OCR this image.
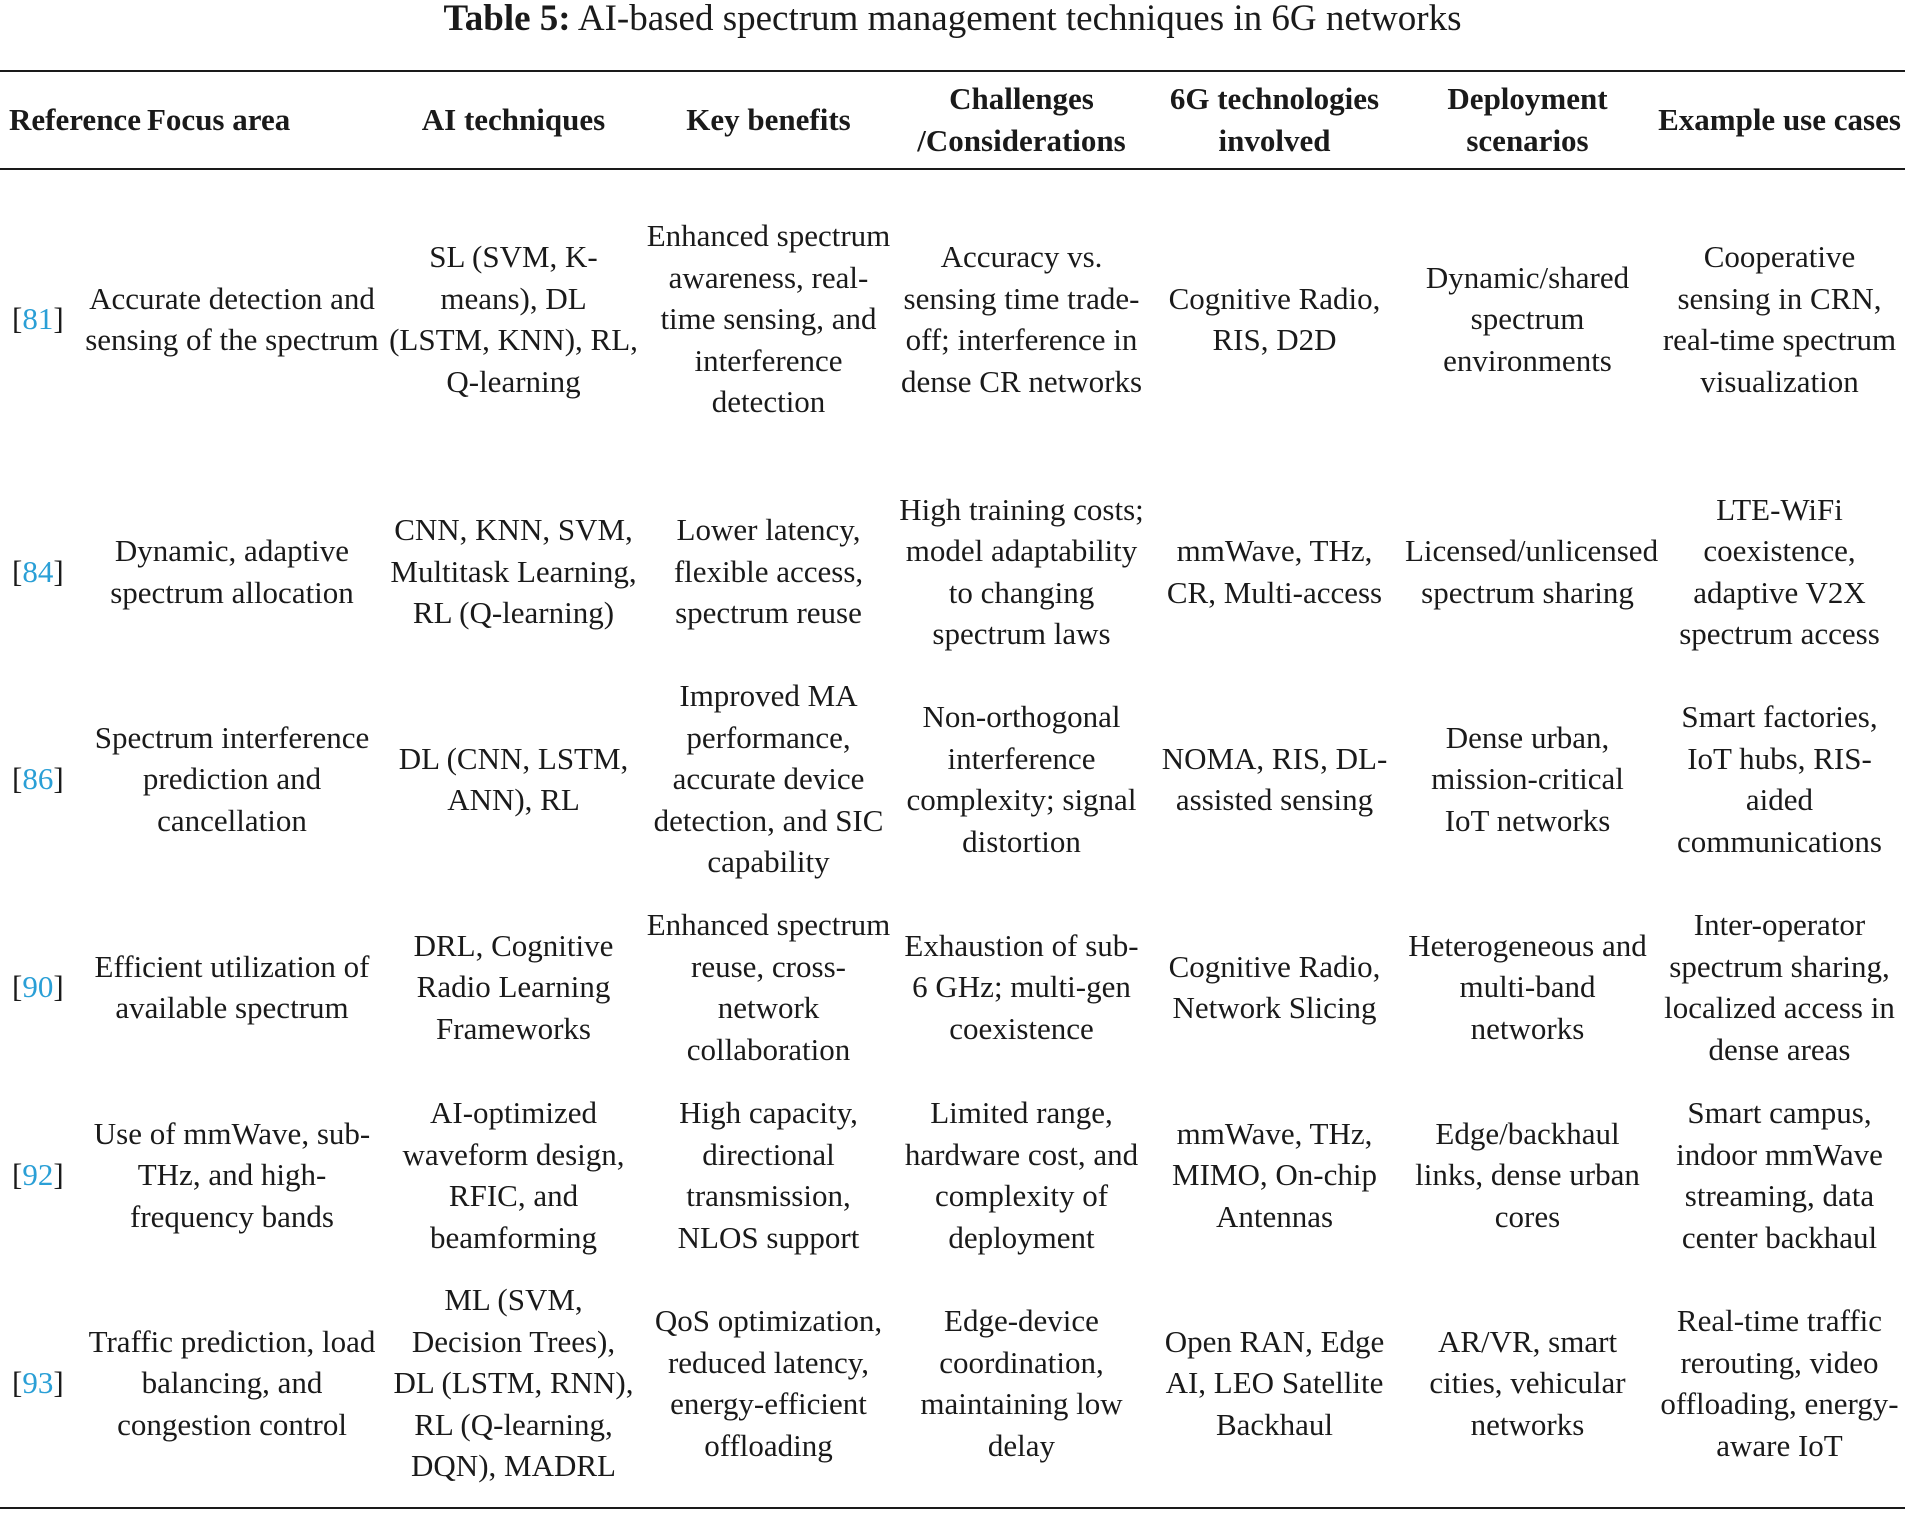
Table 5: AI-based spectrum management techniques in 6G networks
Reference	Focus area	AI techniques	Key benefits	Challenges /Considerations	6G technologies involved	Deployment scenarios	Example use cases
[81]	Accurate detection and sensing of the spectrum	SL (SVM, K-means), DL (LSTM, KNN), RL, Q-learning	Enhanced spectrum awareness, real-time sensing, and interference detection	Accuracy vs. sensing time trade-off; interference in dense CR networks	Cognitive Radio, RIS, D2D	Dynamic/shared spectrum environments	Cooperative sensing in CRN, real-time spectrum visualization
[84]	Dynamic, adaptive spectrum allocation	CNN, KNN, SVM, Multitask Learning, RL (Q-learning)	Lower latency, flexible access, spectrum reuse	High training costs; model adaptability to changing spectrum laws	mmWave, THz, CR, Multi-access	Licensed/unlicensed spectrum sharing	LTE-WiFi coexistence, adaptive V2X spectrum access
[86]	Spectrum interference prediction and cancellation	DL (CNN, LSTM, ANN), RL	Improved MA performance, accurate device detection, and SIC capability	Non-orthogonal interference complexity; signal distortion	NOMA, RIS, DL-assisted sensing	Dense urban, mission-critical IoT networks	Smart factories, IoT hubs, RIS-aided communications
[90]	Efficient utilization of available spectrum	DRL, Cognitive Radio Learning Frameworks	Enhanced spectrum reuse, cross-network collaboration	Exhaustion of sub-6 GHz; multi-gen coexistence	Cognitive Radio, Network Slicing	Heterogeneous and multi-band networks	Inter-operator spectrum sharing, localized access in dense areas
[92]	Use of mmWave, sub-THz, and high-frequency bands	AI-optimized waveform design, RFIC, and beamforming	High capacity, directional transmission, NLOS support	Limited range, hardware cost, and complexity of deployment	mmWave, THz, MIMO, On-chip Antennas	Edge/backhaul links, dense urban cores	Smart campus, indoor mmWave streaming, data center backhaul
[93]	Traffic prediction, load balancing, and congestion control	ML (SVM, Decision Trees), DL (LSTM, RNN), RL (Q-learning, DQN), MADRL	QoS optimization, reduced latency, energy-efficient offloading	Edge-device coordination, maintaining low delay	Open RAN, Edge AI, LEO Satellite Backhaul	AR/VR, smart cities, vehicular networks	Real-time traffic rerouting, video offloading, energy-aware IoT
